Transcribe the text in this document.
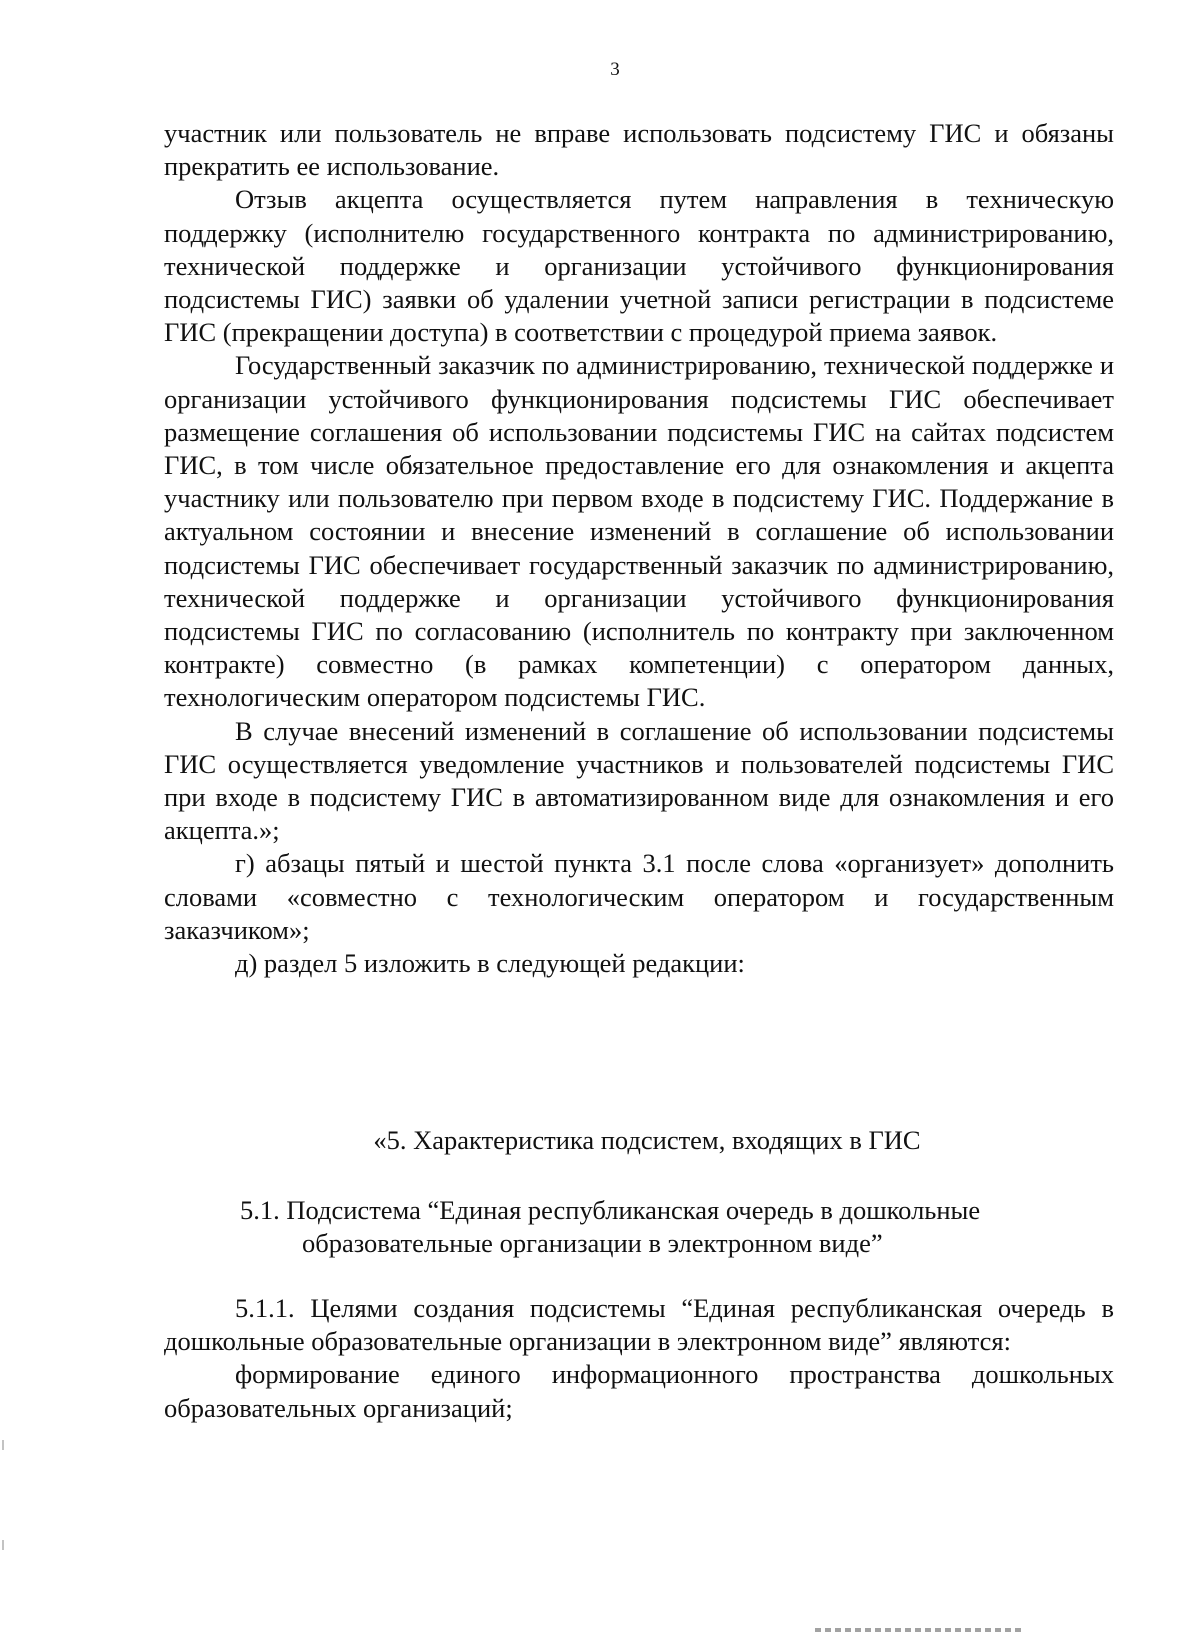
3

участник или пользователь не вправе использовать подсистему ГИС и обязаны прекратить ее использование.

Отзыв акцепта осуществляется путем направления в техническую поддержку (исполнителю государственного контракта по администрированию, технической поддержке и организации устойчивого функционирования подсистемы ГИС) заявки об удалении учетной записи регистрации в подсистеме ГИС (прекращении доступа) в соответствии с процедурой приема заявок.

Государственный заказчик по администрированию, технической поддержке и организации устойчивого функционирования подсистемы ГИС обеспечивает размещение соглашения об использовании подсистемы ГИС на сайтах подсистем ГИС, в том числе обязательное предоставление его для ознакомления и акцепта участнику или пользователю при первом входе в подсистему ГИС. Поддержание в актуальном состоянии и внесение изменений в соглашение об использовании подсистемы ГИС обеспечивает государственный заказчик по администрированию, технической поддержке и организации устойчивого функционирования подсистемы ГИС по согласованию (исполнитель по контракту при заключенном контракте) совместно (в рамках компетенции) с оператором данных, технологическим оператором подсистемы ГИС.

В случае внесений изменений в соглашение об использовании подсистемы ГИС осуществляется уведомление участников и пользователей подсистемы ГИС при входе в подсистему ГИС в автоматизированном виде для ознакомления и его акцепта.»;

г) абзацы пятый и шестой пункта 3.1 после слова «организует» дополнить словами «совместно с технологическим оператором и государственным заказчиком»;

д) раздел 5 изложить в следующей редакции:

«5. Характеристика подсистем, входящих в ГИС

5.1. Подсистема “Единая республиканская очередь в дошкольные
образовательные организации в электронном виде”

5.1.1. Целями создания подсистемы “Единая республиканская очередь в дошкольные образовательные организации в электронном виде” являются:

формирование единого информационного пространства дошкольных образовательных организаций;
